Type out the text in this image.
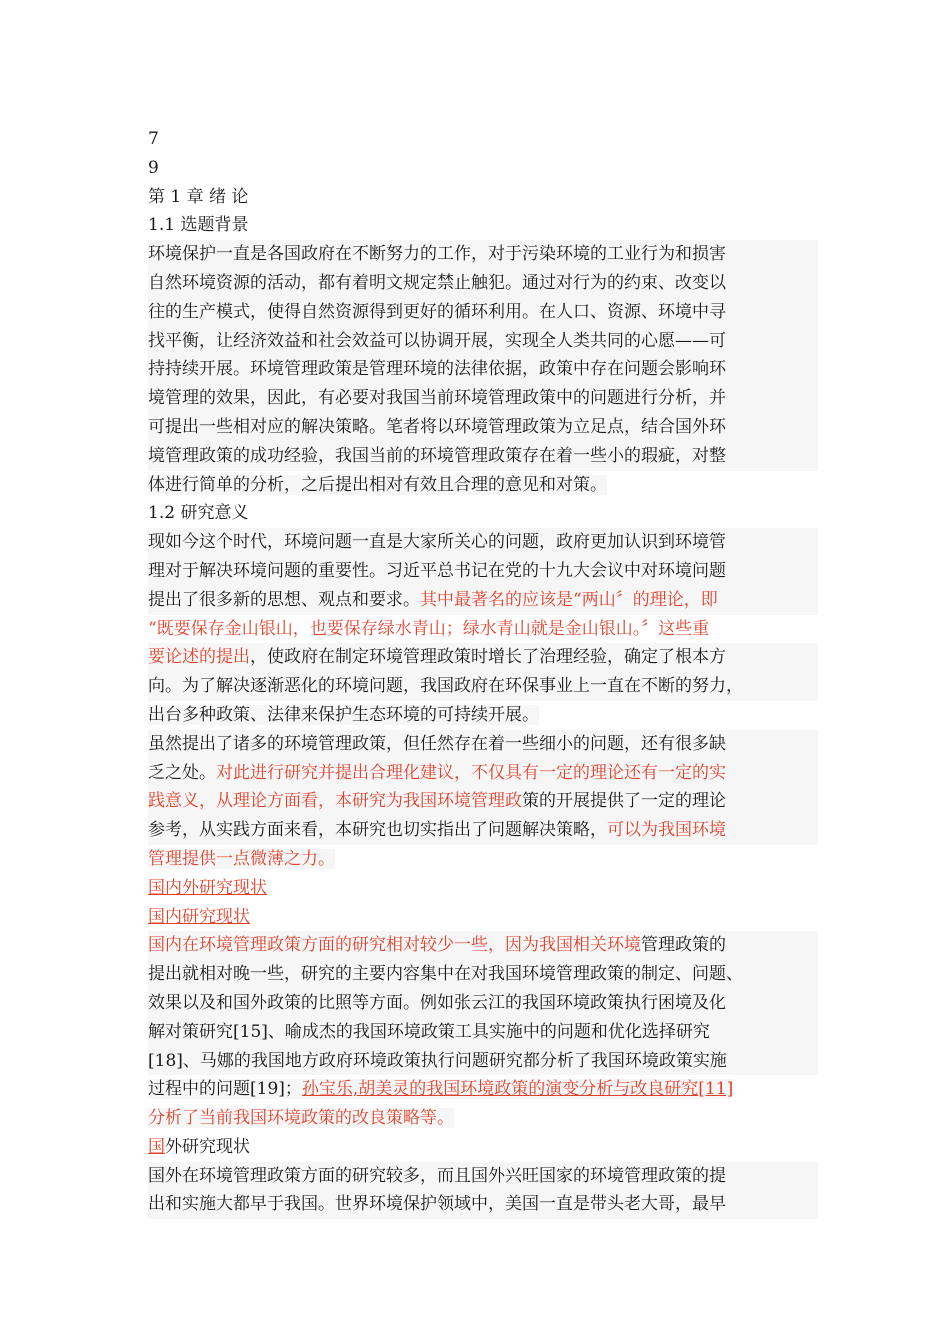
7
9
第 1 章 绪 论
1.1 选题背景
环境保护一直是各国政府在不断努力的工作，对于污染环境的工业行为和损害
自然环境资源的活动，都有着明文规定禁止触犯。通过对行为的约束、改变以
往的生产模式，使得自然资源得到更好的循环利用。在人口、资源、环境中寻
找平衡，让经济效益和社会效益可以协调开展，实现全人类共同的心愿——可
持持续开展。环境管理政策是管理环境的法律依据，政策中存在问题会影响环
境管理的效果，因此，有必要对我国当前环境管理政策中的问题进行分析，并
可提出一些相对应的解决策略。笔者将以环境管理政策为立足点，结合国外环
境管理政策的成功经验，我国当前的环境管理政策存在着一些小的瑕疵，对整
体进行简单的分析，之后提出相对有效且合理的意见和对策。
1.2 研究意义
现如今这个时代，环境问题一直是大家所关心的问题，政府更加认识到环境管
理对于解决环境问题的重要性。习近平总书记在党的十九大会议中对环境问题
提出了很多新的思想、观点和要求。其中最著名的应该是“两山〞的理论，即
“既要保存金山银山，也要保存绿水青山；绿水青山就是金山银山。〞这些重
要论述的提出，使政府在制定环境管理政策时增长了治理经验，确定了根本方
向。为了解决逐渐恶化的环境问题，我国政府在环保事业上一直在不断的努力，
出台多种政策、法律来保护生态环境的可持续开展。
虽然提出了诸多的环境管理政策，但任然存在着一些细小的问题，还有很多缺
乏之处。对此进行研究并提出合理化建议，不仅具有一定的理论还有一定的实
践意义，从理论方面看，本研究为我国环境管理政策的开展提供了一定的理论
参考，从实践方面来看，本研究也切实指出了问题解决策略，可以为我国环境
管理提供一点微薄之力。
国内外研究现状
国内研究现状
国内在环境管理政策方面的研究相对较少一些，因为我国相关环境管理政策的
提出就相对晚一些，研究的主要内容集中在对我国环境管理政策的制定、问题、
效果以及和国外政策的比照等方面。例如张云江的我国环境政策执行困境及化
解对策研究[15]、喻成杰的我国环境政策工具实施中的问题和优化选择研究
[18]、马娜的我国地方政府环境政策执行问题研究都分析了我国环境政策实施
过程中的问题[19]；孙宝乐,胡美灵的我国环境政策的演变分析与改良研究[11]
分析了当前我国环境政策的改良策略等。
国外研究现状
国外在环境管理政策方面的研究较多，而且国外兴旺国家的环境管理政策的提
出和实施大都早于我国。世界环境保护领域中，美国一直是带头老大哥，最早
